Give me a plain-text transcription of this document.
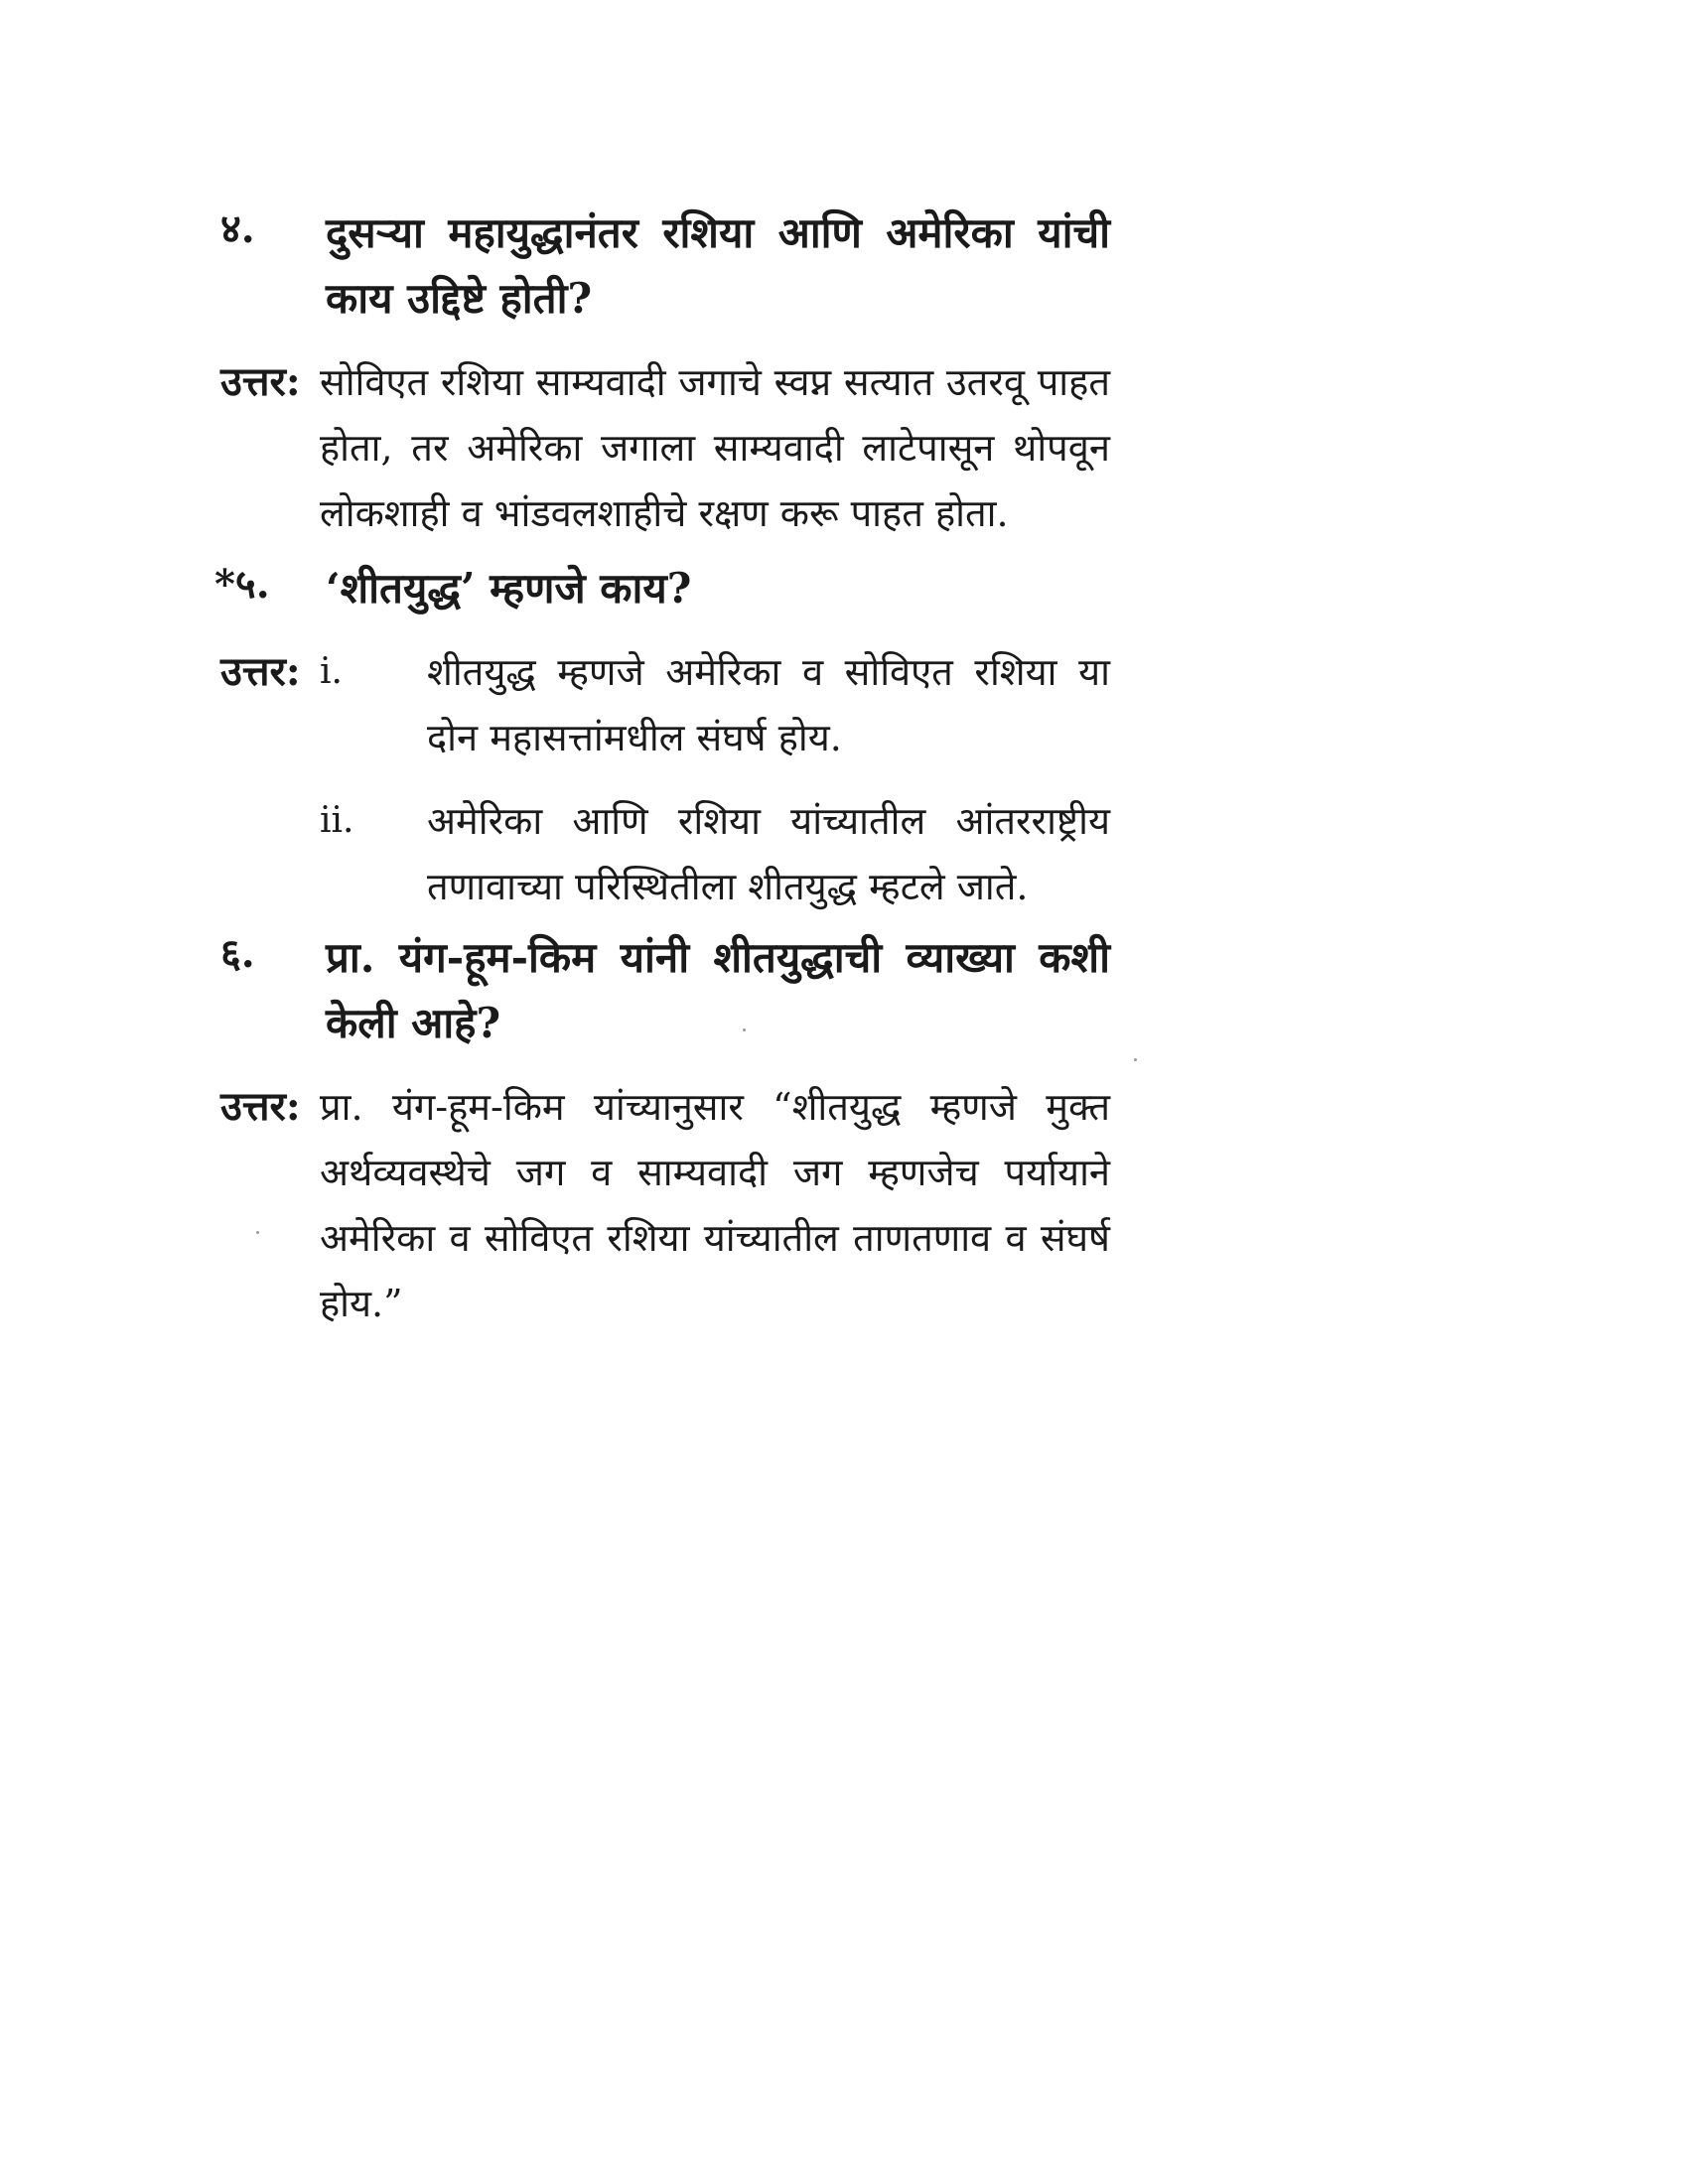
४. दुसऱ्या महायुद्धानंतर रशिया आणि अमेरिका यांची काय उद्दिष्टे होती?
उत्तर: सोविएत रशिया साम्यवादी जगाचे स्वप्न सत्यात उतरवू पाहत होता, तर अमेरिका जगाला साम्यवादी लाटेपासून थोपवून लोकशाही व भांडवलशाहीचे रक्षण करू पाहत होता.
*५. ‘शीतयुद्ध’ म्हणजे काय?
उत्तर: i. शीतयुद्ध म्हणजे अमेरिका व सोविएत रशिया या दोन महासत्तांमधील संघर्ष होय.
ii. अमेरिका आणि रशिया यांच्यातील आंतरराष्ट्रीय तणावाच्या परिस्थितीला शीतयुद्ध म्हटले जाते.
६. प्रा. यंग-हूम-किम यांनी शीतयुद्धाची व्याख्या कशी केली आहे?
उत्तर: प्रा. यंग-हूम-किम यांच्यानुसार “शीतयुद्ध म्हणजे मुक्त अर्थव्यवस्थेचे जग व साम्यवादी जग म्हणजेच पर्यायाने अमेरिका व सोविएत रशिया यांच्यातील ताणतणाव व संघर्ष होय.”
